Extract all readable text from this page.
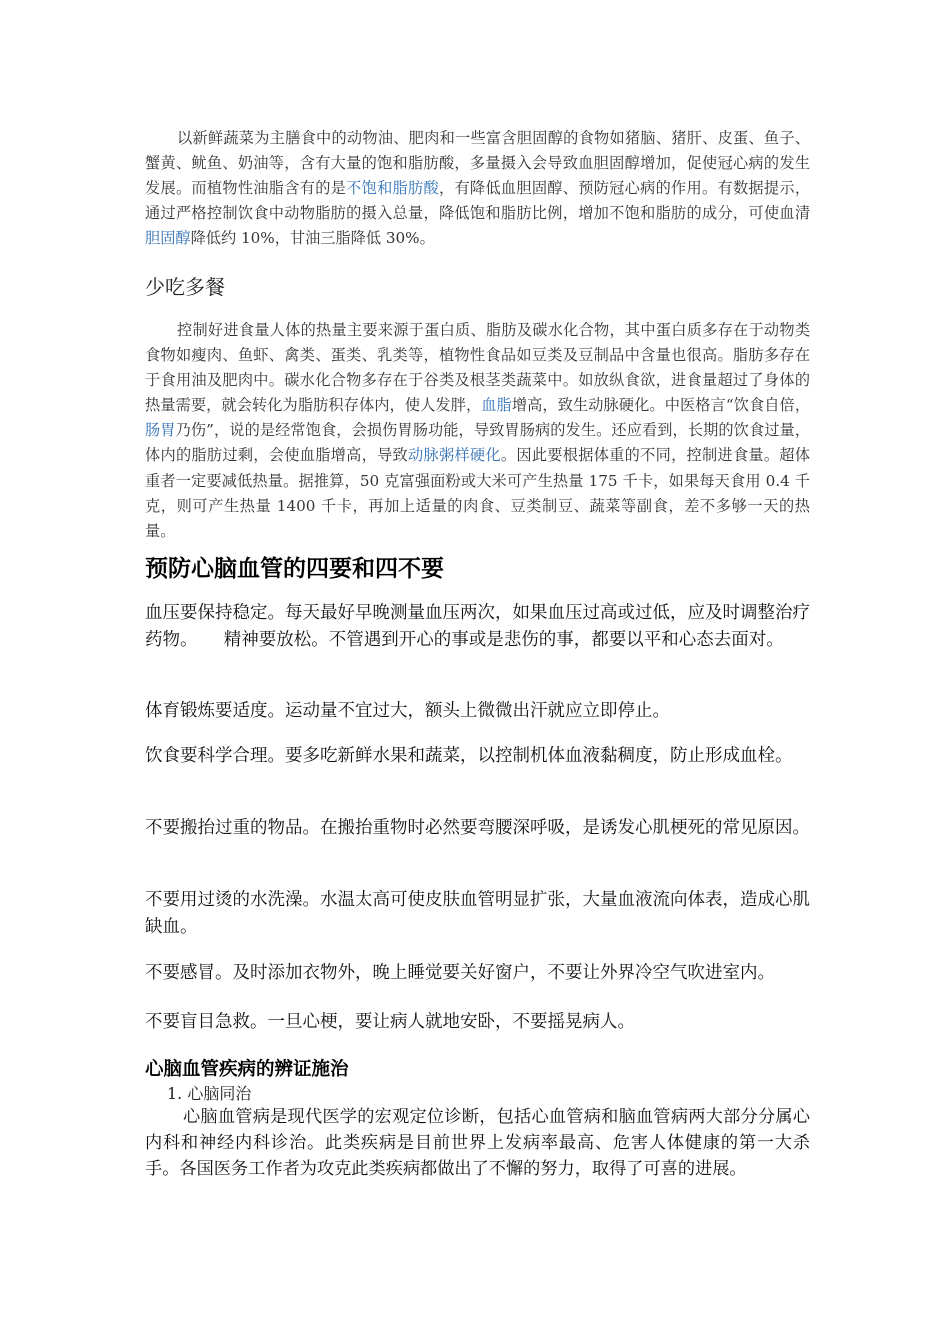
以新鲜蔬菜为主膳食中的动物油、肥肉和一些富含胆固醇的食物如猪脑、猪肝、皮蛋、鱼子、蟹黄、鱿鱼、奶油等，含有大量的饱和脂肪酸，多量摄入会导致血胆固醇增加，促使冠心病的发生发展。而植物性油脂含有的是不饱和脂肪酸，有降低血胆固醇、预防冠心病的作用。有数据提示，通过严格控制饮食中动物脂肪的摄入总量，降低饱和脂肪比例，增加不饱和脂肪的成分，可使血清胆固醇降低约 10%，甘油三脂降低 30%。

少吃多餐

控制好进食量人体的热量主要来源于蛋白质、脂肪及碳水化合物，其中蛋白质多存在于动物类食物如瘦肉、鱼虾、禽类、蛋类、乳类等，植物性食品如豆类及豆制品中含量也很高。脂肪多存在于食用油及肥肉中。碳水化合物多存在于谷类及根茎类蔬菜中。如放纵食欲，进食量超过了身体的热量需要，就会转化为脂肪积存体内，使人发胖，血脂增高，致生动脉硬化。中医格言“饮食自倍，肠胃乃伤”，说的是经常饱食，会损伤胃肠功能，导致胃肠病的发生。还应看到，长期的饮食过量，体内的脂肪过剩，会使血脂增高，导致动脉粥样硬化。因此要根据体重的不同，控制进食量。超体重者一定要减低热量。据推算，50 克富强面粉或大米可产生热量 175 千卡，如果每天食用 0.4 千克，则可产生热量 1400 千卡，再加上适量的肉食、豆类制豆、蔬菜等副食，差不多够一天的热量。

预防心脑血管的四要和四不要

血压要保持稳定。每天最好早晚测量血压两次，如果血压过高或过低，应及时调整治疗药物。　　精神要放松。不管遇到开心的事或是悲伤的事，都要以平和心态去面对。

体育锻炼要适度。运动量不宜过大，额头上微微出汗就应立即停止。

饮食要科学合理。要多吃新鲜水果和蔬菜，以控制机体血液黏稠度，防止形成血栓。

不要搬抬过重的物品。在搬抬重物时必然要弯腰深呼吸，是诱发心肌梗死的常见原因。

不要用过烫的水洗澡。水温太高可使皮肤血管明显扩张，大量血液流向体表，造成心肌缺血。

不要感冒。及时添加衣物外，晚上睡觉要关好窗户，不要让外界冷空气吹进室内。

不要盲目急救。一旦心梗，要让病人就地安卧，不要摇晃病人。

心脑血管疾病的辨证施治

1. 心脑同治

心脑血管病是现代医学的宏观定位诊断，包括心血管病和脑血管病两大部分分属心内科和神经内科诊治。此类疾病是目前世界上发病率最高、危害人体健康的第一大杀手。各国医务工作者为攻克此类疾病都做出了不懈的努力，取得了可喜的进展。
